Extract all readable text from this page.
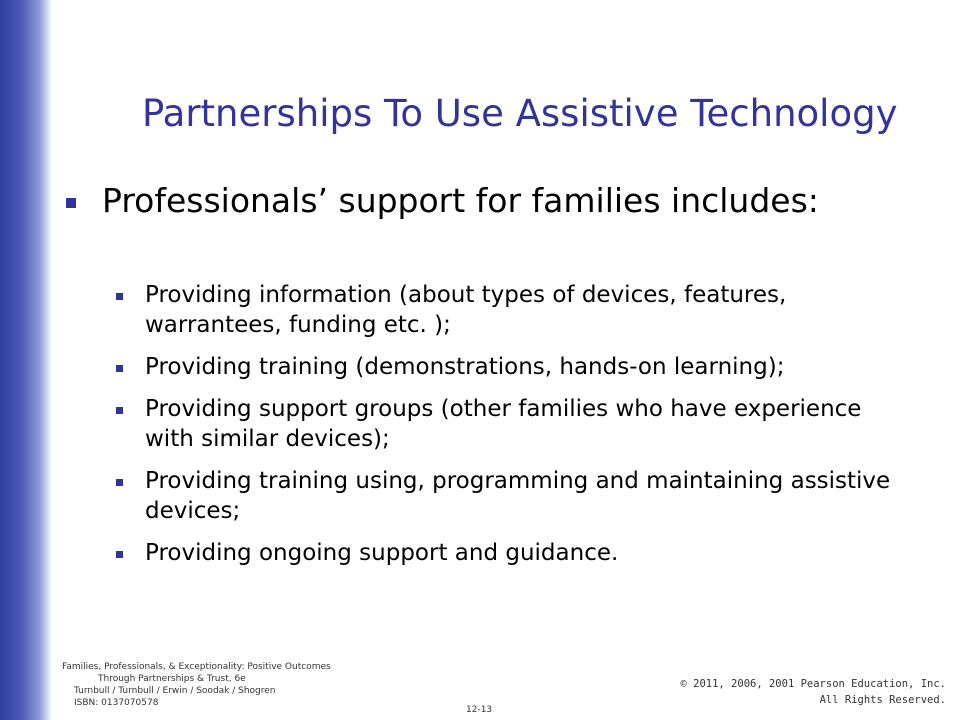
Partnerships To Use Assistive Technology
Professionals’ support for families includes:
Providing information (about types of devices, features, warrantees, funding etc. );
Providing training (demonstrations, hands-on learning);
Providing support groups (other families who have experience with similar devices);
Providing training using, programming and maintaining assistive devices;
Providing ongoing support and guidance.
Families, Professionals, & Exceptionality: Positive Outcomes
Through Partnerships & Trust, 6e
Turnbull / Turnbull / Erwin / Soodak / Shogren
ISBN: 0137070578
12-13
© 2011, 2006, 2001 Pearson Education, Inc.
All Rights Reserved.
